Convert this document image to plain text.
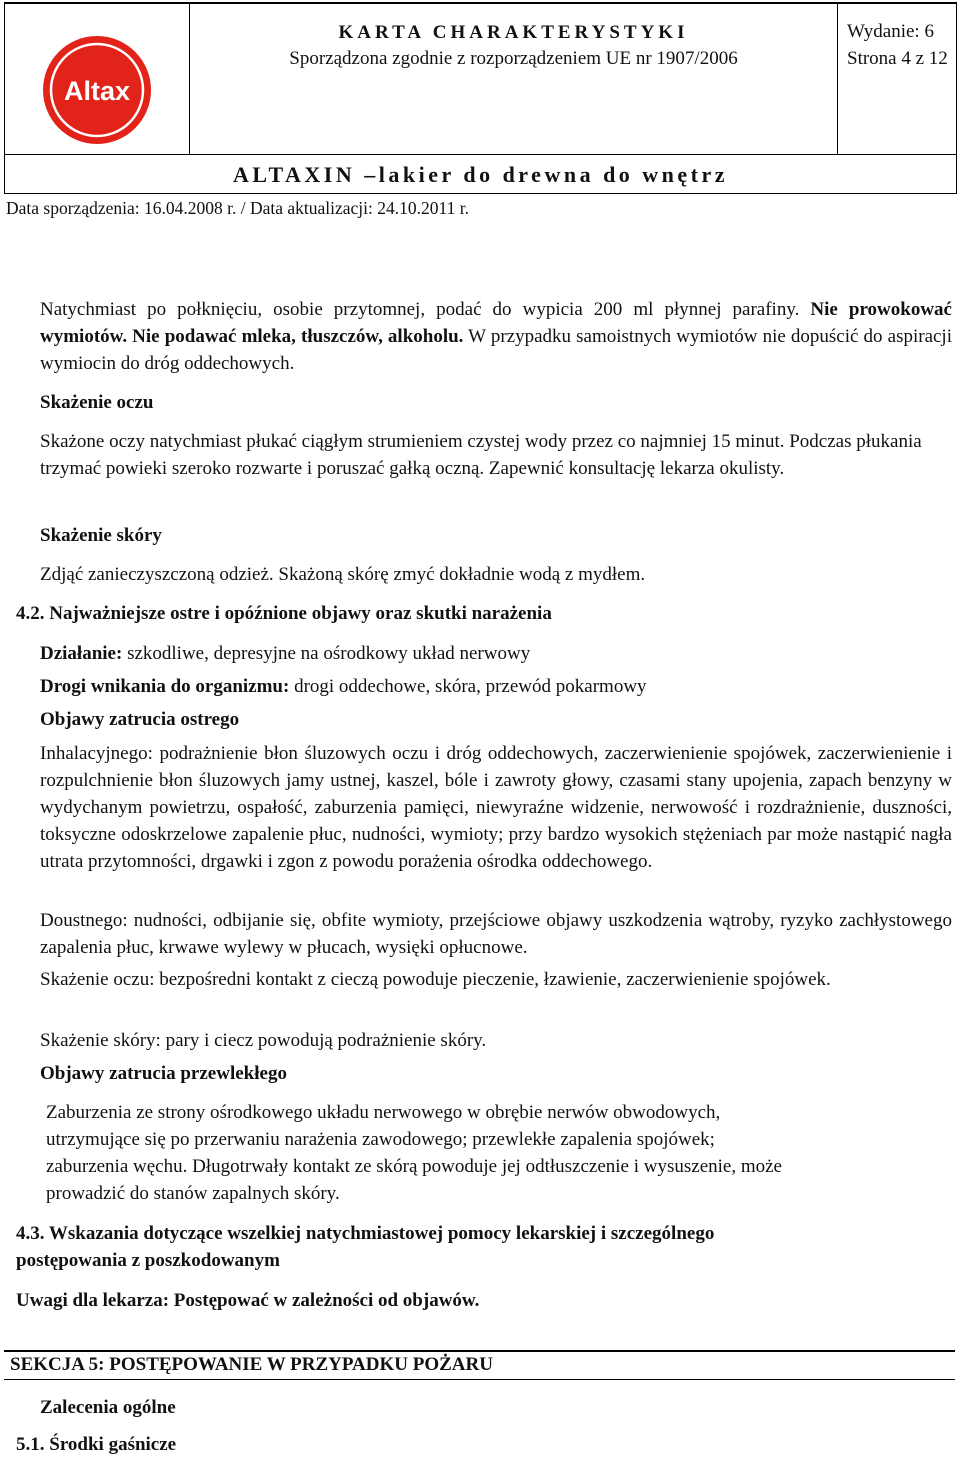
Altax
KARTA CHARAKTERYSTYKI
Sporządzona zgodnie z rozporządzeniem UE nr 1907/2006
Wydanie: 6
Strona 4 z 12
ALTAXIN –lakier do drewna do wnętrz
Data sporządzenia: 16.04.2008 r. / Data aktualizacji: 24.10.2011 r.
Natychmiast po połknięciu, osobie przytomnej, podać do wypicia 200 ml płynnej parafiny. Nie prowokować wymiotów. Nie podawać mleka, tłuszczów, alkoholu. W przypadku samoistnych wymiotów nie dopuścić do aspiracji wymiocin do dróg oddechowych.
Skażenie oczu
Skażone oczy natychmiast płukać ciągłym strumieniem czystej wody przez co najmniej 15 minut. Podczas płukania trzymać powieki szeroko rozwarte i poruszać gałką oczną. Zapewnić konsultację lekarza okulisty.
Skażenie skóry
Zdjąć zanieczyszczoną odzież. Skażoną skórę zmyć dokładnie wodą z mydłem.
4.2. Najważniejsze ostre i opóźnione objawy oraz skutki narażenia
Działanie: szkodliwe, depresyjne na ośrodkowy układ nerwowy
Drogi wnikania do organizmu: drogi oddechowe, skóra, przewód pokarmowy
Objawy zatrucia ostrego
Inhalacyjnego: podrażnienie błon śluzowych oczu i dróg oddechowych, zaczerwienienie spojówek, zaczerwienienie i rozpulchnienie błon śluzowych jamy ustnej, kaszel, bóle i zawroty głowy, czasami stany upojenia, zapach benzyny w wydychanym powietrzu, ospałość, zaburzenia pamięci, niewyraźne widzenie, nerwowość i rozdrażnienie, duszności, toksyczne odoskrzelowe zapalenie płuc, nudności, wymioty; przy bardzo wysokich stężeniach par może nastąpić nagła utrata przytomności, drgawki i zgon z powodu porażenia ośrodka oddechowego.
Doustnego: nudności, odbijanie się, obfite wymioty, przejściowe objawy uszkodzenia wątroby, ryzyko zachłystowego zapalenia płuc, krwawe wylewy w płucach, wysięki opłucnowe.
Skażenie oczu: bezpośredni kontakt z cieczą powoduje pieczenie, łzawienie, zaczerwienienie spojówek.
Skażenie skóry: pary i ciecz powodują podrażnienie skóry.
Objawy zatrucia przewlekłego
Zaburzenia ze strony ośrodkowego układu nerwowego w obrębie nerwów obwodowych,
utrzymujące się po przerwaniu narażenia zawodowego; przewlekłe zapalenia spojówek;
zaburzenia węchu. Długotrwały kontakt ze skórą powoduje jej odtłuszczenie i wysuszenie, może
prowadzić do stanów zapalnych skóry.
4.3. Wskazania dotyczące wszelkiej natychmiastowej pomocy lekarskiej i szczególnego
postępowania z poszkodowanym
Uwagi dla lekarza: Postępować w zależności od objawów.
SEKCJA 5: POSTĘPOWANIE W PRZYPADKU POŻARU
Zalecenia ogólne
5.1. Środki gaśnicze
